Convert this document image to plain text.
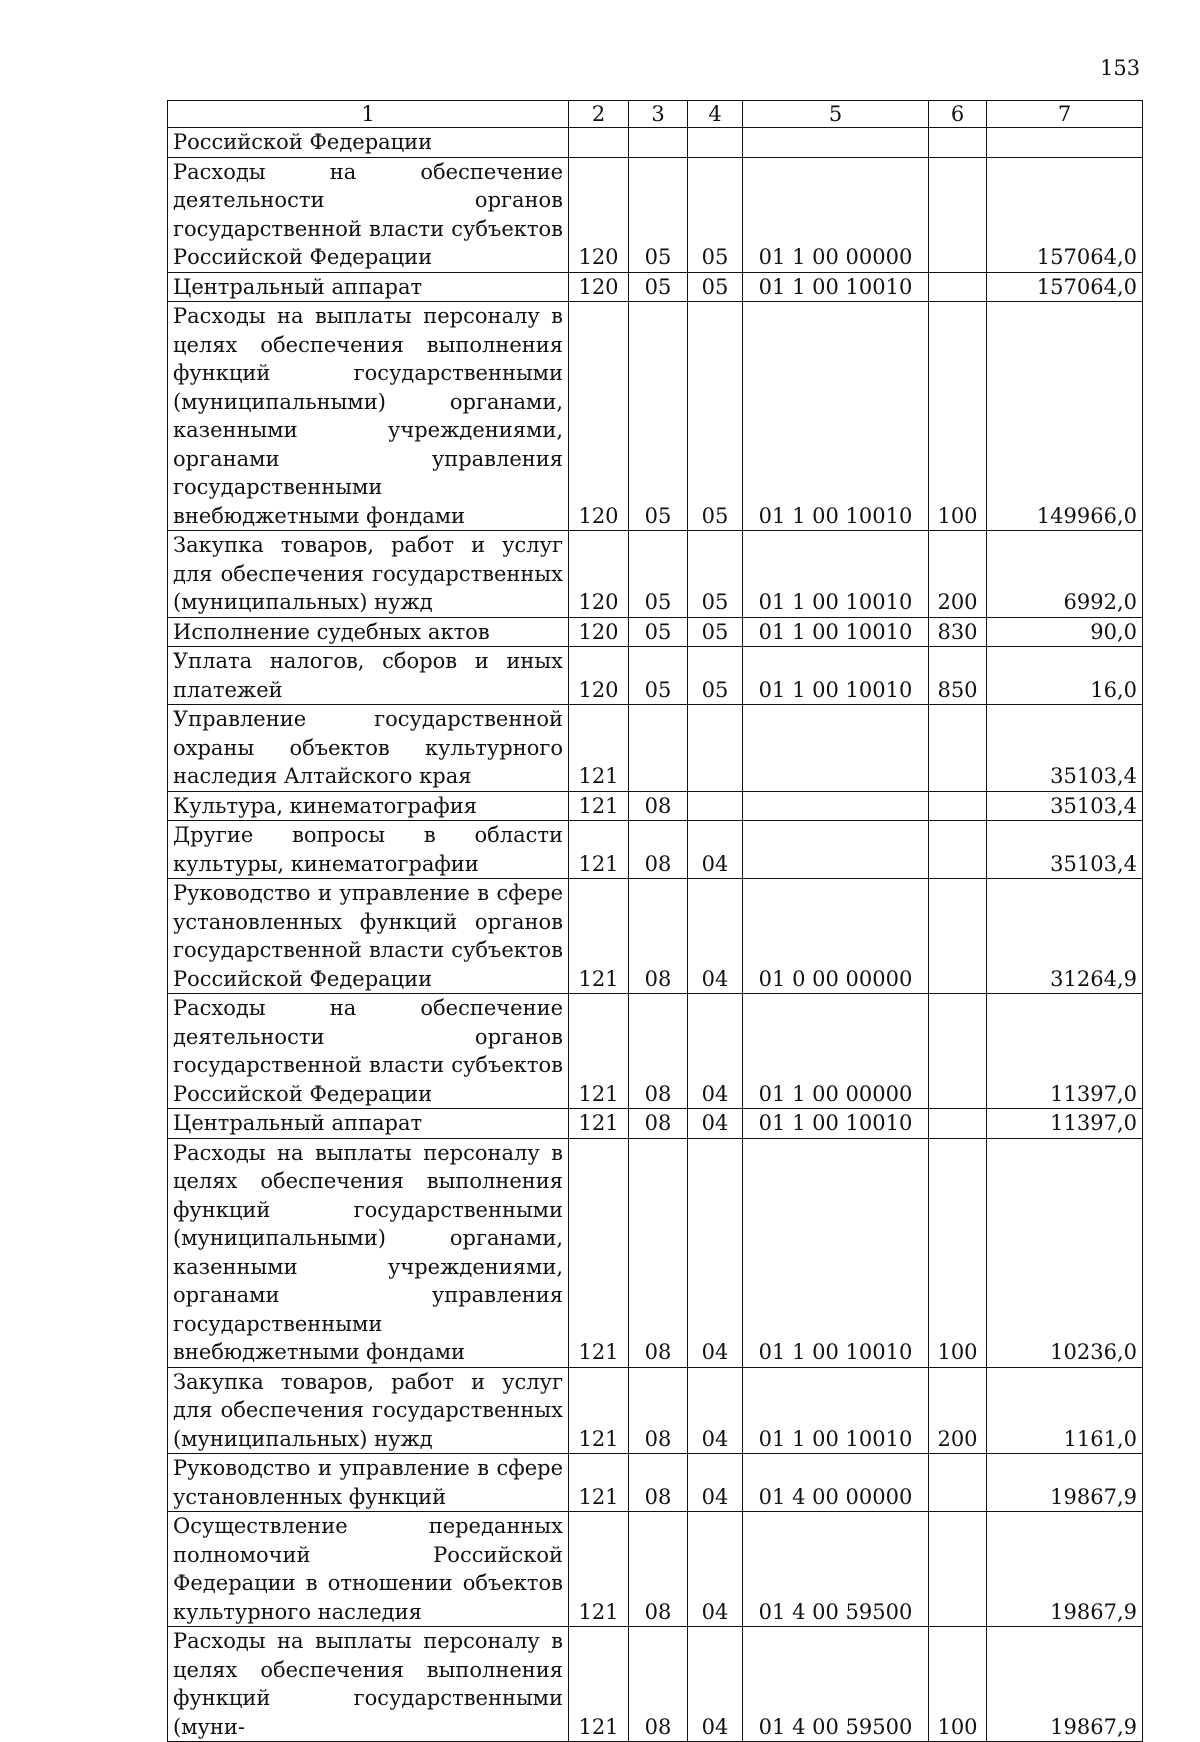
153
1	2	3	4	5	6	7
Российской Федерации						
Расходы на обеспечение деятельности органов государственной власти субъектов Российской Федерации	120	05	05	01 1 00 00000		157064,0
Центральный аппарат	120	05	05	01 1 00 10010		157064,0
Расходы на выплаты персоналу в целях обеспечения выполнения функций государственными (муниципальными) органами, казенными учреждениями, органами управления государственными внебюджетными фондами	120	05	05	01 1 00 10010	100	149966,0
Закупка товаров, работ и услуг для обеспечения государственных (муниципальных) нужд	120	05	05	01 1 00 10010	200	6992,0
Исполнение судебных актов	120	05	05	01 1 00 10010	830	90,0
Уплата налогов, сборов и иных платежей	120	05	05	01 1 00 10010	850	16,0
Управление государственной охраны объектов культурного наследия Алтайского края	121					35103,4
Культура, кинематография	121	08				35103,4
Другие вопросы в области культуры, кинематографии	121	08	04			35103,4
Руководство и управление в сфере установленных функций органов государственной власти субъектов Российской Федерации	121	08	04	01 0 00 00000		31264,9
Расходы на обеспечение деятельности органов государственной власти субъектов Российской Федерации	121	08	04	01 1 00 00000		11397,0
Центральный аппарат	121	08	04	01 1 00 10010		11397,0
Расходы на выплаты персоналу в целях обеспечения выполнения функций государственными (муниципальными) органами, казенными учреждениями, органами управления государственными внебюджетными фондами	121	08	04	01 1 00 10010	100	10236,0
Закупка товаров, работ и услуг для обеспечения государственных (муниципальных) нужд	121	08	04	01 1 00 10010	200	1161,0
Руководство и управление в сфере установленных функций	121	08	04	01 4 00 00000		19867,9
Осуществление переданных полномочий Российской Федерации в отношении объектов культурного наследия	121	08	04	01 4 00 59500		19867,9
Расходы на выплаты персоналу в целях обеспечения выполнения функций государственными (муни-	121	08	04	01 4 00 59500	100	19867,9
